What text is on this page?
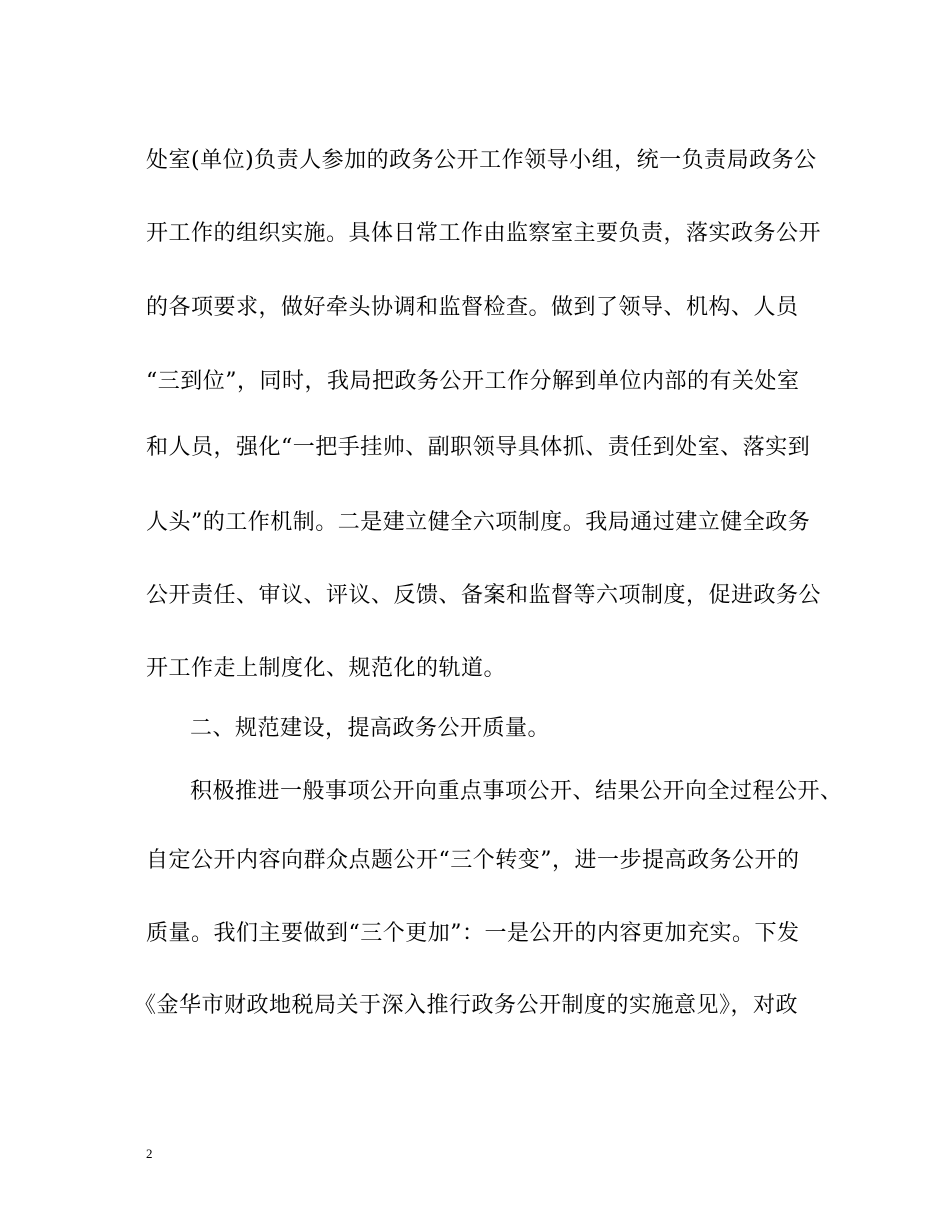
处室(单位)负责人参加的政务公开工作领导小组，统一负责局政务公
开工作的组织实施。具体日常工作由监察室主要负责，落实政务公开
的各项要求，做好牵头协调和监督检查。做到了领导、机构、人员
“三到位”，同时，我局把政务公开工作分解到单位内部的有关处室
和人员，强化“一把手挂帅、副职领导具体抓、责任到处室、落实到
人头”的工作机制。二是建立健全六项制度。我局通过建立健全政务
公开责任、审议、评议、反馈、备案和监督等六项制度，促进政务公
开工作走上制度化、规范化的轨道。
二、规范建设，提高政务公开质量。
积极推进一般事项公开向重点事项公开、结果公开向全过程公开、
自定公开内容向群众点题公开“三个转变”，进一步提高政务公开的
质量。我们主要做到“三个更加”：一是公开的内容更加充实。下发
《金华市财政地税局关于深入推行政务公开制度的实施意见》，对政
2
